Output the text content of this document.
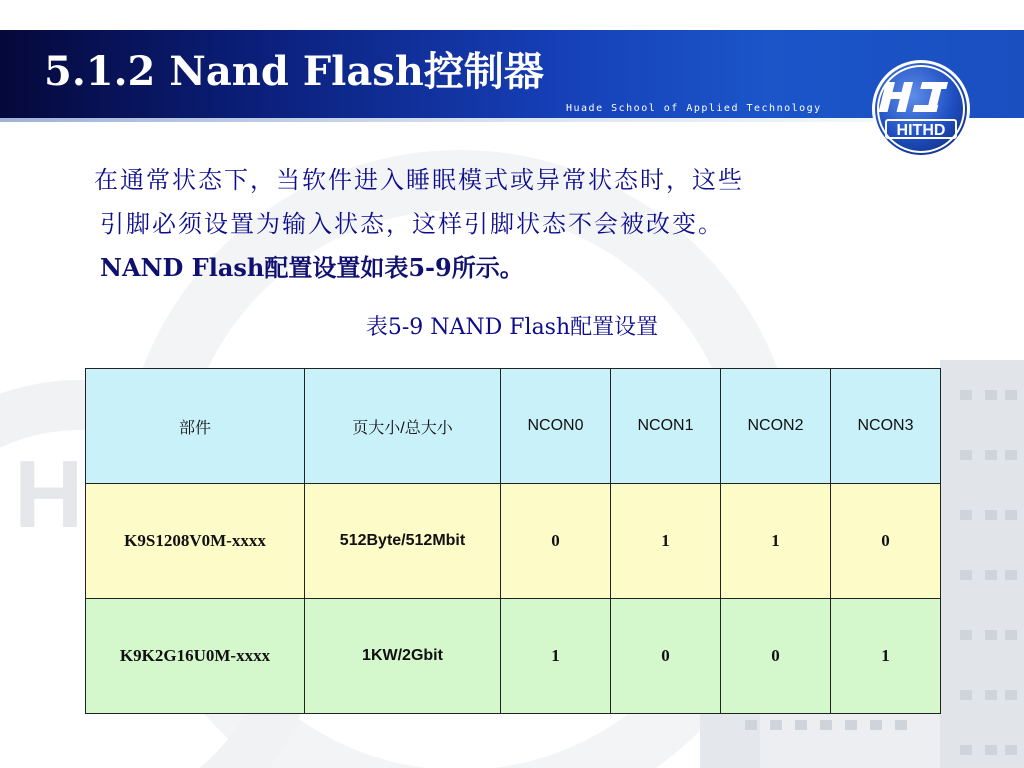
H
5.1.2 Nand Flash控制器
Huade School of Applied Technology
HITHD
在通常状态下，当软件进入睡眠模式或异常状态时，这些
引脚必须设置为输入状态，这样引脚状态不会被改变。
NAND Flash配置设置如表5-9所示。
表5-9 NAND Flash配置设置
部件	页大小/总大小	NCON0	NCON1	NCON2	NCON3
K9S1208V0M-xxxx	512Byte/512Mbit	0	1	1	0
K9K2G16U0M-xxxx	1KW/2Gbit	1	0	0	1
